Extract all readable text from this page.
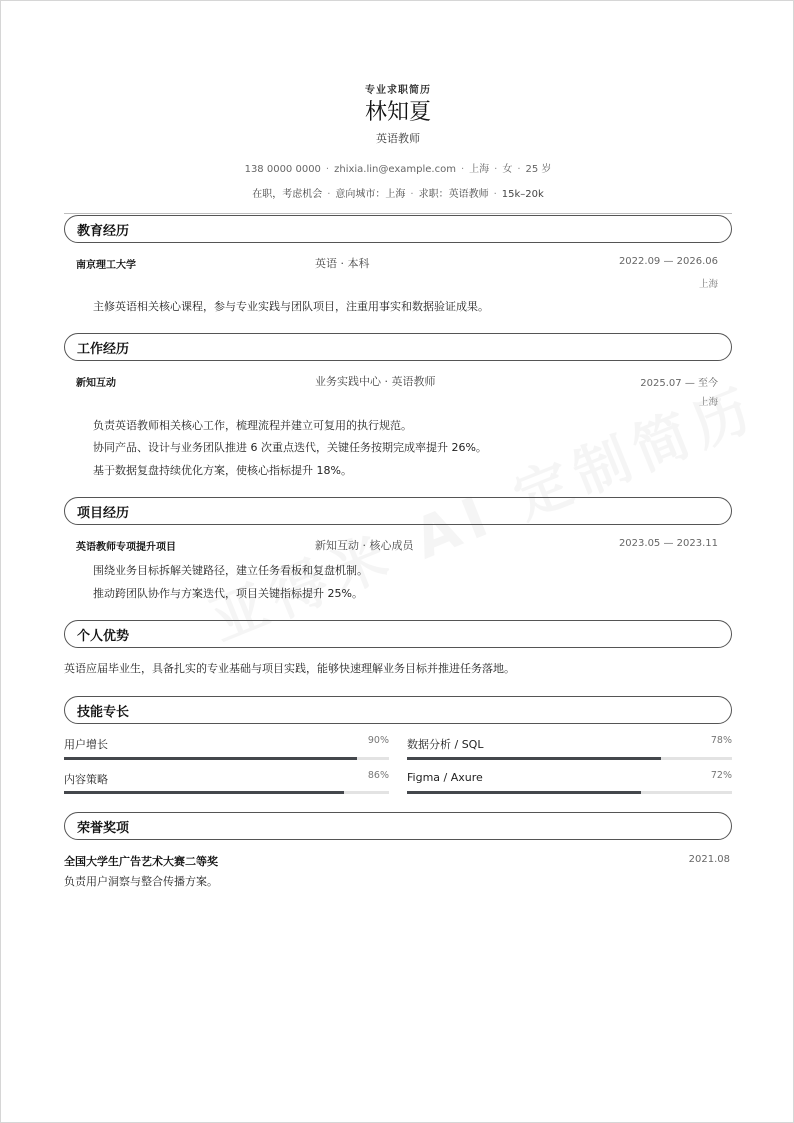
专业求职简历
林知夏
英语教师
138 0000 0000 · zhixia.lin@example.com · 上海 · 女 · 25 岁
在职，考虑机会 · 意向城市：上海 · 求职：英语教师 · 15k–20k
教育经历
南京理工大学	英语 · 本科	2022.09 — 2026.06
上海
主修英语相关核心课程，参与专业实践与团队项目，注重用事实和数据验证成果。
工作经历
新知互动	业务实践中心 · 英语教师	2025.07 — 至今
上海
负责英语教师相关核心工作，梳理流程并建立可复用的执行规范。
协同产品、设计与业务团队推进 6 次重点迭代，关键任务按期完成率提升 26%。
基于数据复盘持续优化方案，使核心指标提升 18%。
项目经历
英语教师专项提升项目	新知互动 · 核心成员	2023.05 — 2023.11
围绕业务目标拆解关键路径，建立任务看板和复盘机制。
推动跨团队协作与方案迭代，项目关键指标提升 25%。
个人优势
英语应届毕业生，具备扎实的专业基础与项目实践，能够快速理解业务目标并推进任务落地。
技能专长
用户增长	90% 数据分析 / SQL	78%
内容策略	86% Figma / Axure	72%
荣誉奖项
全国大学生广告艺术大赛二等奖	2021.08
负责用户洞察与整合传播方案。
